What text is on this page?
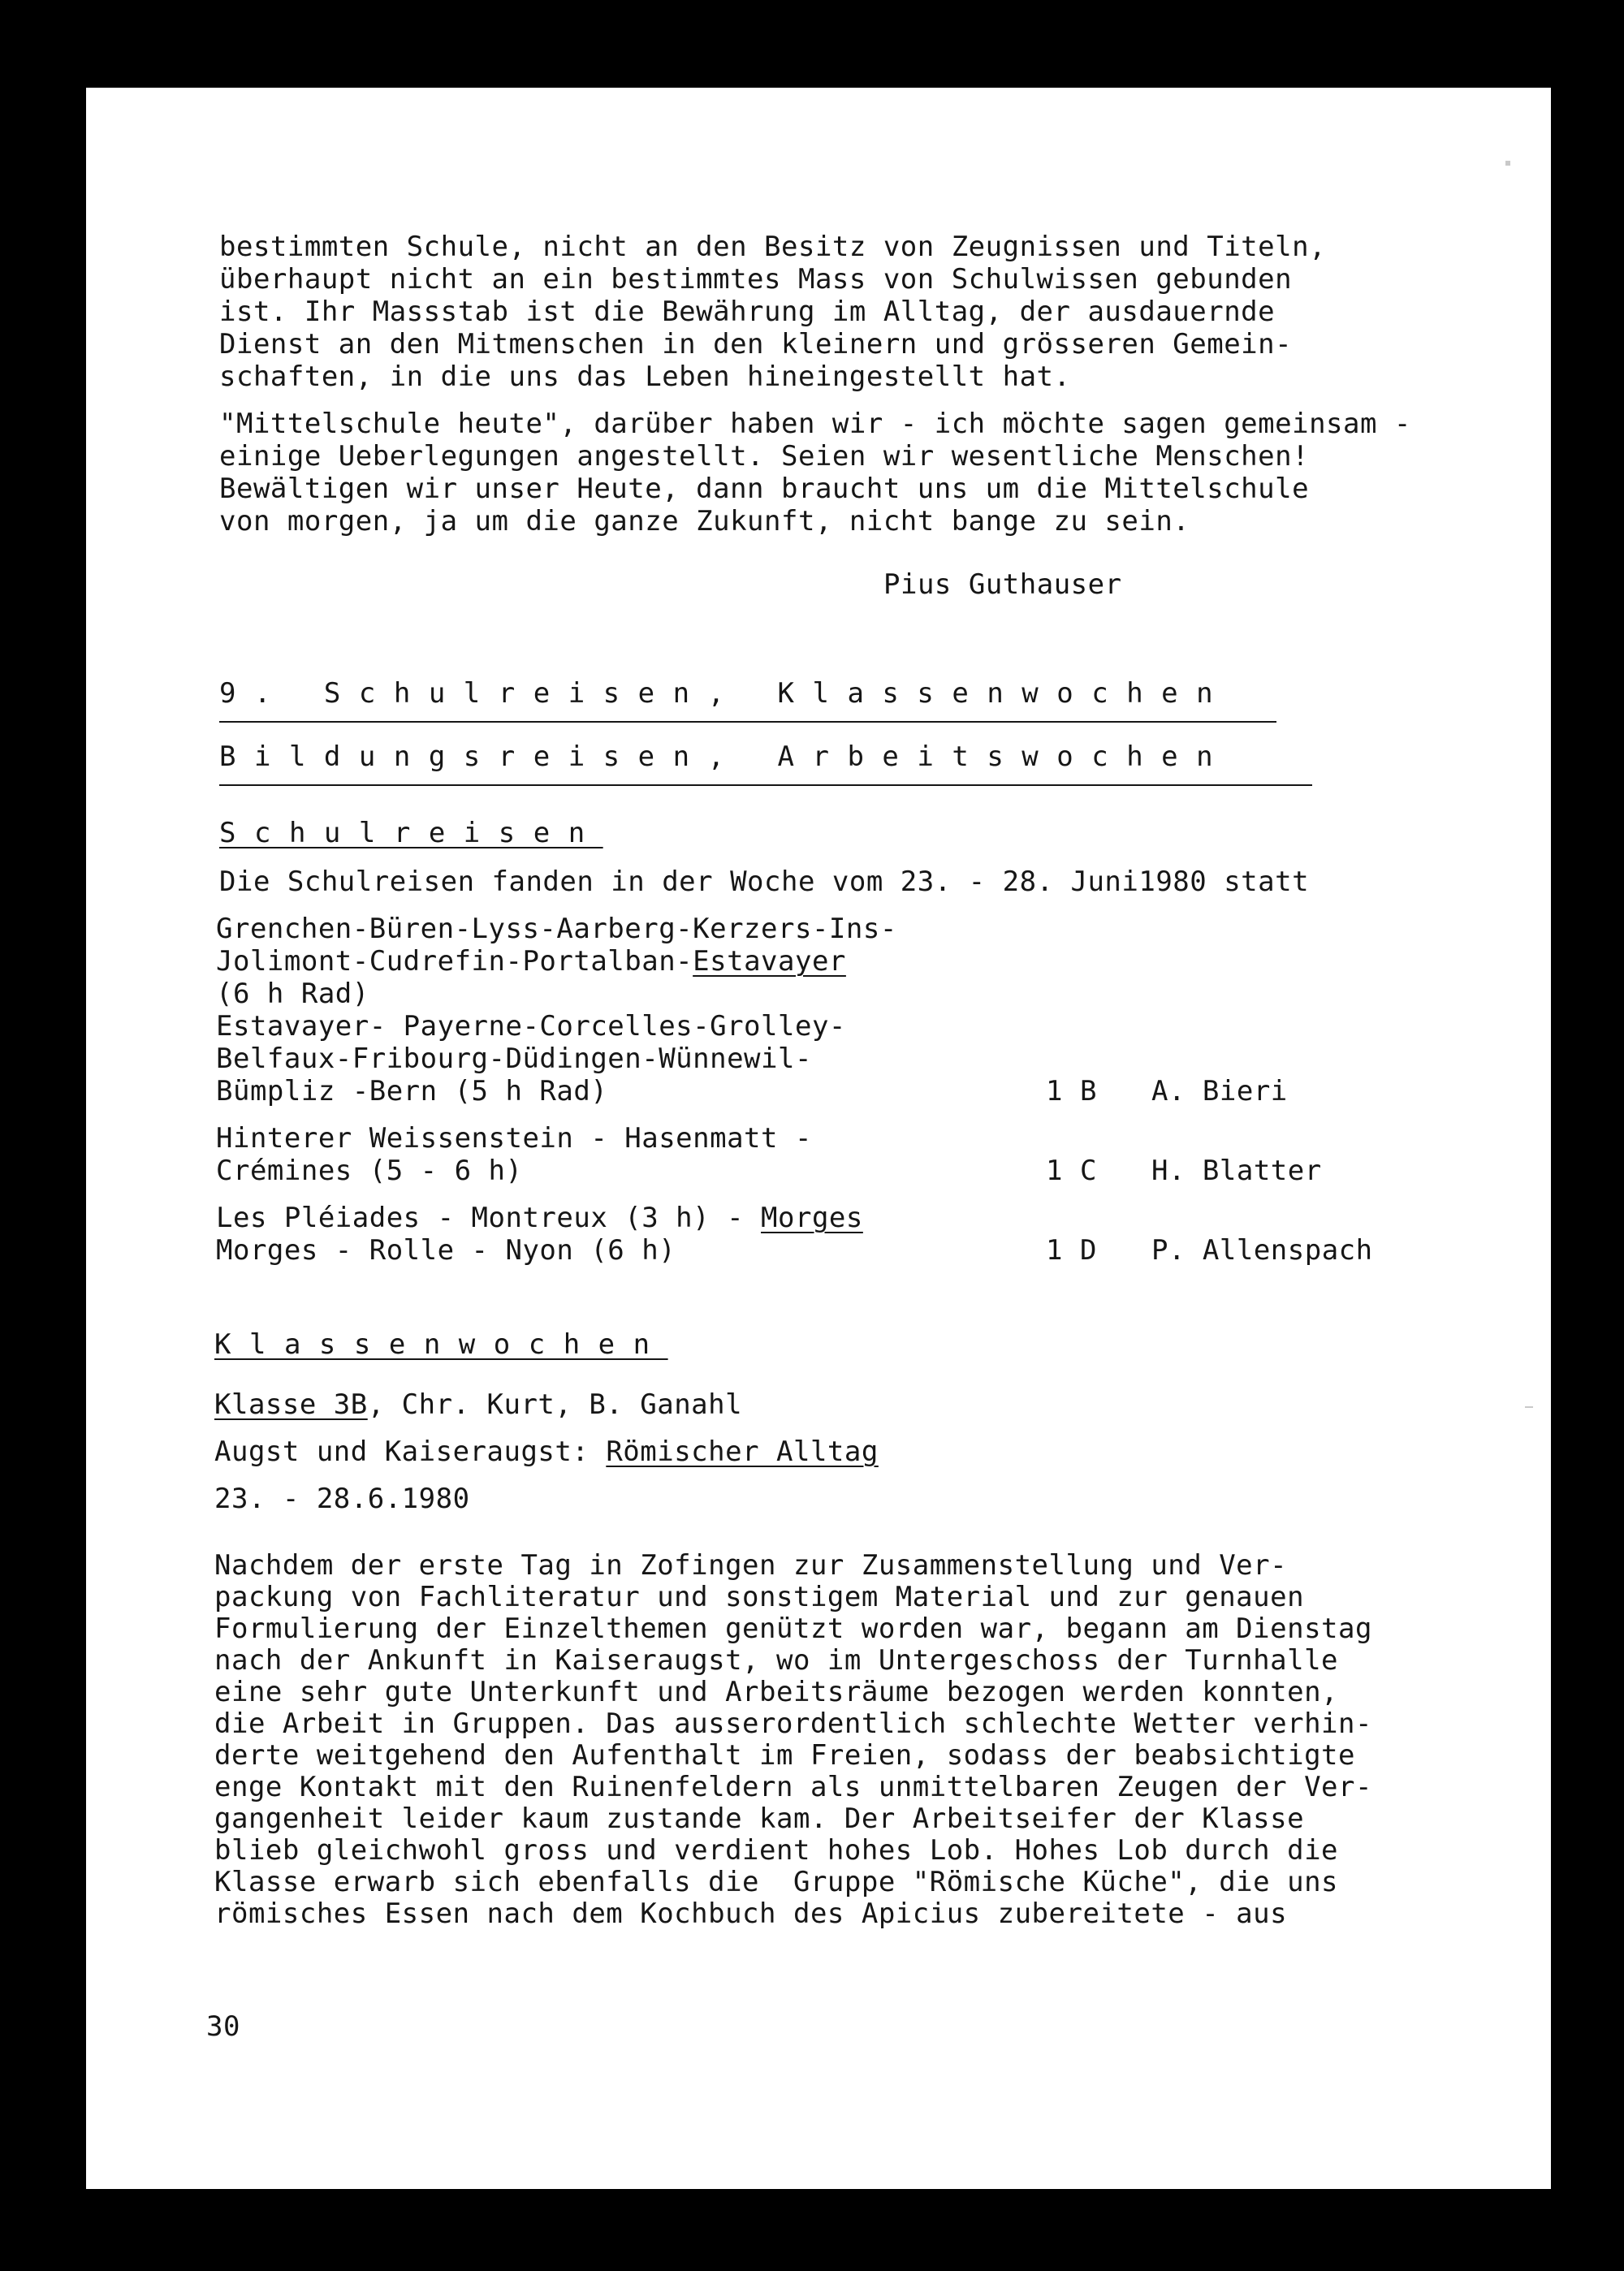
bestimmten Schule, nicht an den Besitz von Zeugnissen und Titeln,
überhaupt nicht an ein bestimmtes Mass von Schulwissen gebunden
ist. Ihr Massstab ist die Bewährung im Alltag, der ausdauernde
Dienst an den Mitmenschen in den kleinern und grösseren Gemein-
schaften, in die uns das Leben hineingestellt hat.
"Mittelschule heute", darüber haben wir - ich möchte sagen gemeinsam -
einige Ueberlegungen angestellt. Seien wir wesentliche Menschen!
Bewältigen wir unser Heute, dann braucht uns um die Mittelschule
von morgen, ja um die ganze Zukunft, nicht bange zu sein.
Pius Guthauser
9. Schulreisen, Klassenwochen
Bildungsreisen, Arbeitswochen
Schulreisen
Die Schulreisen fanden in der Woche vom 23. - 28. Juni1980 statt
Grenchen-Büren-Lyss-Aarberg-Kerzers-Ins-
Jolimont-Cudrefin-Portalban-Estavayer
(6 h Rad)
Estavayer- Payerne-Corcelles-Grolley-
Belfaux-Fribourg-Düdingen-Wünnewil-
Bümpliz -Bern (5 h Rad)	1 B A. Bieri
Hinterer Weissenstein - Hasenmatt -
Crémines (5 - 6 h)	1 C H. Blatter
Les Pléiades - Montreux (3 h) - Morges
Morges - Rolle - Nyon (6 h)	1 D P. Allenspach
Klassenwochen
Klasse 3B, Chr. Kurt, B. Ganahl
Augst und Kaiseraugst: Römischer Alltag
23. - 28.6.1980
Nachdem der erste Tag in Zofingen zur Zusammenstellung und Ver-
packung von Fachliteratur und sonstigem Material und zur genauen
Formulierung der Einzelthemen genützt worden war, begann am Dienstag
nach der Ankunft in Kaiseraugst, wo im Untergeschoss der Turnhalle
eine sehr gute Unterkunft und Arbeitsräume bezogen werden konnten,
die Arbeit in Gruppen. Das ausserordentlich schlechte Wetter verhin-
derte weitgehend den Aufenthalt im Freien, sodass der beabsichtigte
enge Kontakt mit den Ruinenfeldern als unmittelbaren Zeugen der Ver-
gangenheit leider kaum zustande kam. Der Arbeitseifer der Klasse
blieb gleichwohl gross und verdient hohes Lob. Hohes Lob durch die
Klasse erwarb sich ebenfalls die  Gruppe "Römische Küche", die uns
römisches Essen nach dem Kochbuch des Apicius zubereitete - aus
30
